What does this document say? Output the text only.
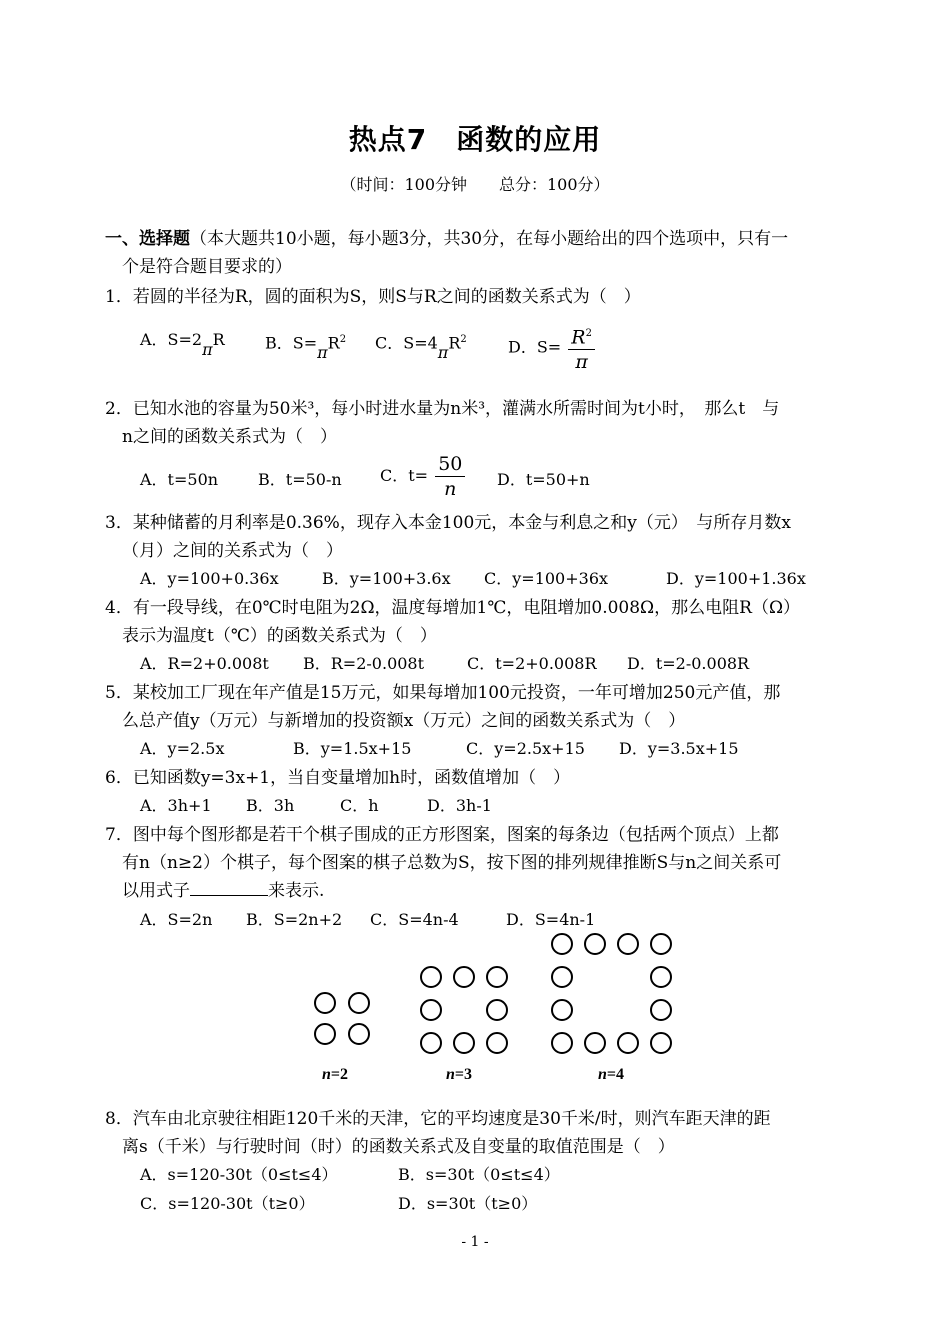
热点7　函数的应用
（时间：100分钟　　总分：100分）
一、选择题（本大题共10小题，每小题3分，共30分，在每小题给出的四个选项中，只有一
个是符合题目要求的）
1．若圆的半径为R，圆的面积为S，则S与R之间的函数关系式为（　）
A．S=2πR	B．$S=\pi R^2$ C．$S=4\pi R^2$	D．$S= \frac{R^2}{\pi}$
2．已知水池的容量为50米³，每小时进水量为n米³，灌满水所需时间为t小时，　那么t　与
n之间的函数关系式为（　）
A．t=50n B．t=50-n C．$t= \frac{50}{n}$ D．t=50+n
3．某种储蓄的月利率是0.36%，现存入本金100元，本金与利息之和y（元）　与所存月数x
（月）之间的关系式为（　）
A．y=100+0.36x	B．y=100+3.6x C．y=100+36x	D．y=100+1.36x
4．有一段导线，在0℃时电阻为2Ω，温度每增加1℃，电阻增加0.008Ω，那么电阻R（Ω）
表示为温度t（℃）的函数关系式为（　）
A．R=2+0.008t B．R=2-0.008t	C．t=2+0.008R D．t=2-0.008R
5．某校加工厂现在年产值是15万元，如果每增加100元投资，一年可增加250元产值，那
么总产值y（万元）与新增加的投资额x（万元）之间的函数关系式为（　）
A．y=2.5x	B．y=1.5x+15	C．y=2.5x+15 D．y=3.5x+15
6．已知函数y=3x+1，当自变量增加h时，函数值增加（　）
A．3h+1 B．3h	C．h	D．3h-1
7．图中每个图形都是若干个棋子围成的正方形图案，图案的每条边（包括两个顶点）上都
有n（n≥2）个棋子，每个图案的棋子总数为S，按下图的排列规律推断S与n之间关系可
以用式子	来表示.
A．S=2n B．S=2n+2 C．S=4n-4	D．S=4n-1
n=2	n=3	n=4
8．汽车由北京驶往相距120千米的天津，它的平均速度是30千米/时，则汽车距天津的距
离s（千米）与行驶时间（时）的函数关系式及自变量的取值范围是（　）
A．s=120-30t（0≤t≤4）	B．s=30t（0≤t≤4）
C．s=120-30t（t≥0）	D．s=30t（t≥0）
- 1 -
